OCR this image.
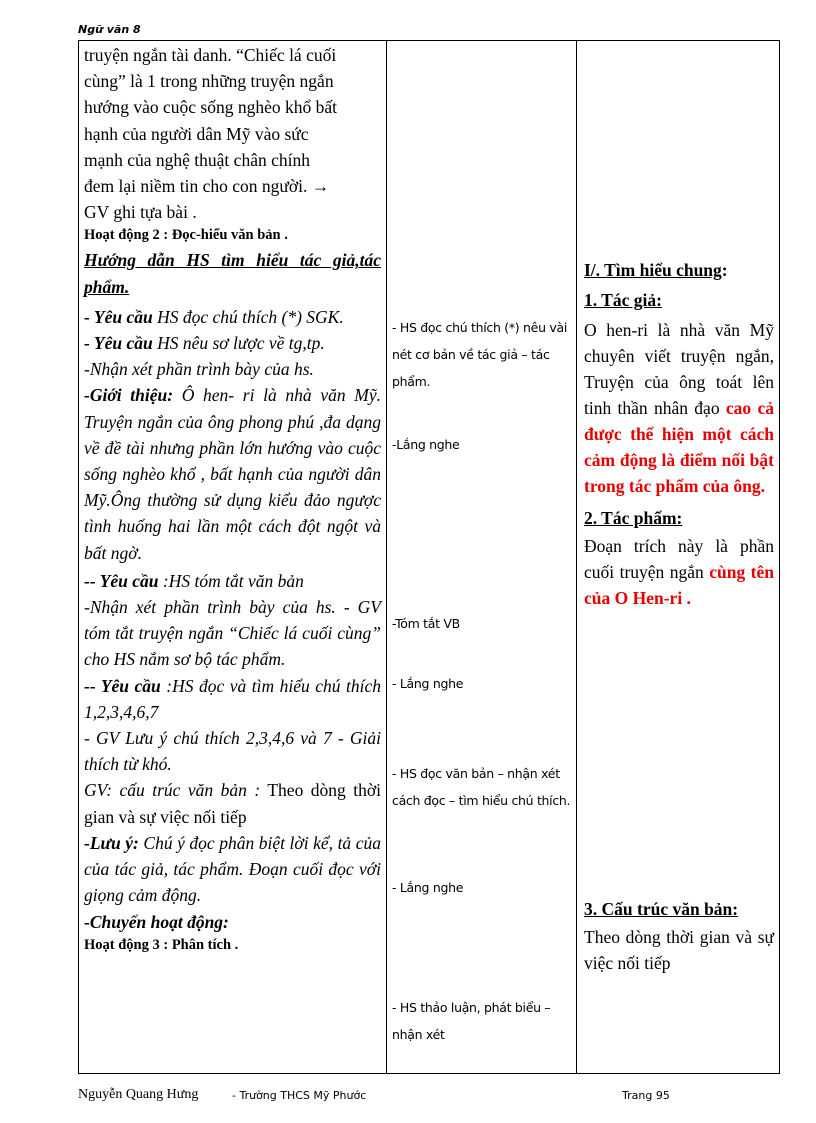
Ngữ văn 8

truyện ngắn tài danh. “Chiếc lá cuối

cùng” là 1 trong những truyện ngắn

hướng vào cuộc sống nghèo khổ bất

hạnh của người dân Mỹ vào sức

mạnh của nghệ thuật chân chính

đem lại niềm tin cho con người. →

GV ghi tựa bài .

Hoạt động 2 : Đọc-hiểu văn bản .

Hướng dẫn HS tìm hiểu tác giả,tác phẩm.

- Yêu cầu HS đọc chú thích (*) SGK.

- Yêu cầu HS nêu sơ lược về tg,tp.

-Nhận xét phần trình bày của hs.

-Giới thiệu: Ô hen- ri là nhà văn Mỹ. Truyện ngắn của ông phong phú ,đa dạng về đề tài nhưng phần lớn hướng vào cuộc sống nghèo khổ , bất hạnh của người dân Mỹ.Ông thường sử dụng kiểu đảo ngược tình huống hai lần một cách đột ngột và bất ngờ.

-- Yêu cầu :HS tóm tắt văn bản

-Nhận xét phần trình bày của hs. - GV tóm tắt truyện ngắn “Chiếc lá cuối cùng” cho HS nắm sơ bộ tác phẩm.

-- Yêu cầu :HS đọc và tìm hiểu chú thích 1,2,3,4,6,7

- GV Lưu ý chú thích 2,3,4,6 và 7 - Giải thích từ khó.

GV: cấu trúc văn bản : Theo dòng thời gian và sự việc nối tiếp

-Lưu ý: Chú ý đọc phân biệt lời kể, tả của của tác giả, tác phẩm. Đoạn cuối đọc với giọng cảm động.

-Chuyển hoạt động:

Hoạt động 3 : Phân tích .

- HS đọc chú thích (*) nêu vài nét cơ bản về tác giả – tác phẩm.
-Lắng nghe
-Tóm tắt VB
- Lắng nghe
- HS đọc văn bản – nhận xét cách đọc – tìm hiểu chú thích.
- Lắng nghe
- HS thảo luận, phát biểu – nhận xét

I/. Tìm hiểu chung:

1. Tác giả:

O hen-ri là nhà văn Mỹ chuyên viết truyện ngắn, Truyện của ông toát lên tinh thần nhân đạo cao cả được thể hiện một cách cảm động là điểm nổi bật trong tác phẩm của ông.

2. Tác phẩm:

Đoạn trích này là phần cuối truyện ngắn cùng tên của O Hen-ri .

3. Cấu trúc văn bản:

Theo dòng thời gian và sự việc nối tiếp

Nguyễn Quang Hưng	- Trường THCS Mỹ Phước	Trang 95
